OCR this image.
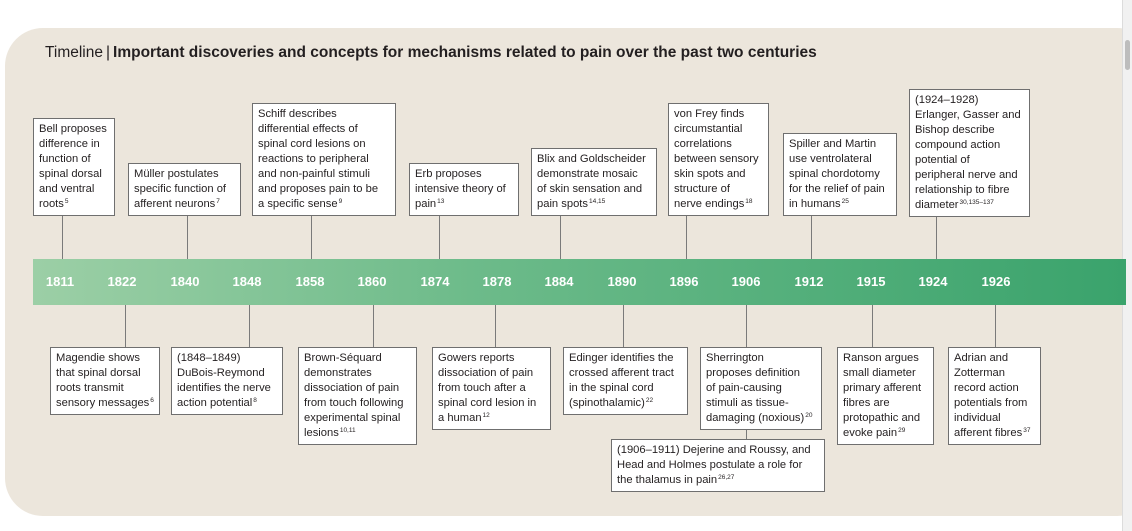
Timeline | Important discoveries and concepts for mechanisms related to pain over the past two centuries
1811	1822	1840	1848	1858	1860	1874	1878	1884	1890	1896	1906	1912	1915	1924	1926
Bell proposes
difference in
function of
spinal dorsal
and ventral
roots$^5$
Müller postulates
specific function of
afferent neurons$^7$
Schiff describes
differential effects of
spinal cord lesions on
reactions to peripheral
and non-painful stimuli
and proposes pain to be
a specific sense$^9$
Erb proposes
intensive theory of
pain$^{13}$
Blix and Goldscheider
demonstrate mosaic
of skin sensation and
pain spots$^{14,15}$
von Frey finds
circumstantial
correlations
between sensory
skin spots and
structure of
nerve endings$^{18}$
Spiller and Martin
use ventrolateral
spinal chordotomy
for the relief of pain
in humans$^{25}$
(1924–1928)
Erlanger, Gasser and
Bishop describe
compound action
potential of
peripheral nerve and
relationship to fibre
diameter$^{30,135-137}$
Magendie shows
that spinal dorsal
roots transmit
sensory messages$^6$
(1848–1849)
DuBois-Reymond
identifies the nerve
action potential$^8$
Brown-Séquard
demonstrates
dissociation of pain
from touch following
experimental spinal
lesions$^{10,11}$
Gowers reports
dissociation of pain
from touch after a
spinal cord lesion in
a human$^{12}$
Edinger identifies the
crossed afferent tract
in the spinal cord
(spinothalamic)$^{22}$
Sherrington
proposes definition
of pain-causing
stimuli as tissue-
damaging (noxious)$^{20}$
(1906–1911) Dejerine and Roussy, and
Head and Holmes postulate a role for
the thalamus in pain$^{26,27}$
Ranson argues
small diameter
primary afferent
fibres are
protopathic and
evoke pain$^{29}$
Adrian and
Zotterman
record action
potentials from
individual
afferent fibres$^{37}$
